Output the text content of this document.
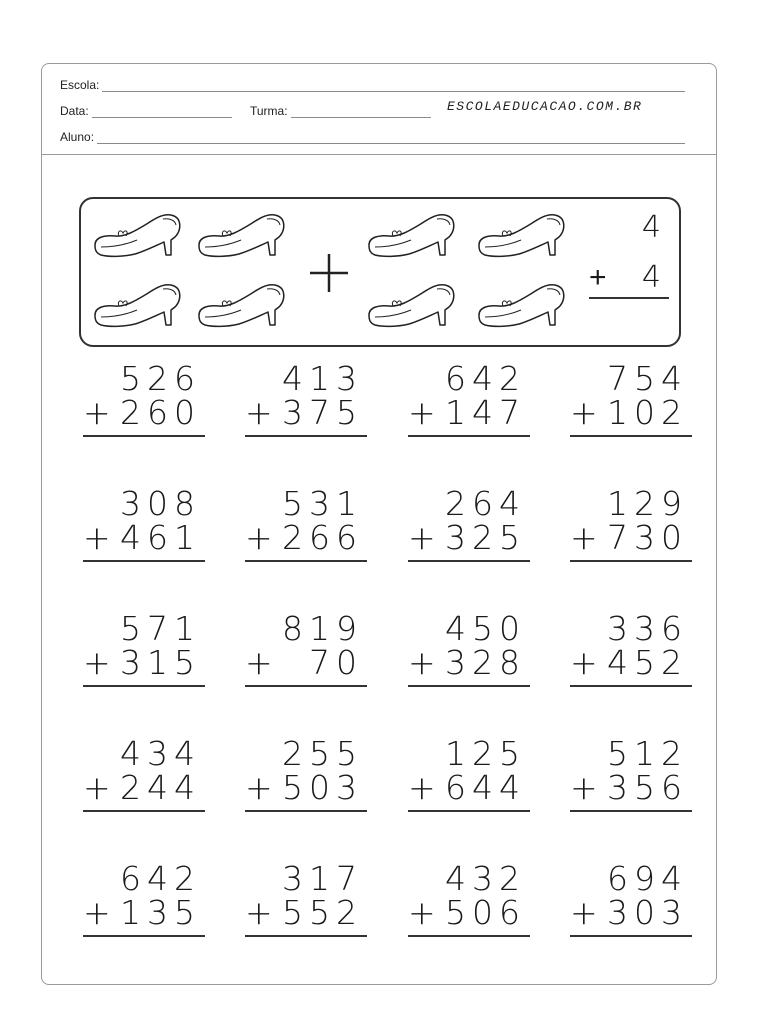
Escola:
Data:	Turma:	ESCOLAEDUCACAO.COM.BR
Aluno:
4
+ 4
526
+ 260
413
+ 375
642
+ 147
754
+ 102
308
+ 461
531
+ 266
264
+ 325
129
+ 730
571
+ 315
819
+ 70
450
+ 328
336
+ 452
434
+ 244
255
+ 503
125
+ 644
512
+ 356
642
+ 135
317
+ 552
432
+ 506
694
+ 303
